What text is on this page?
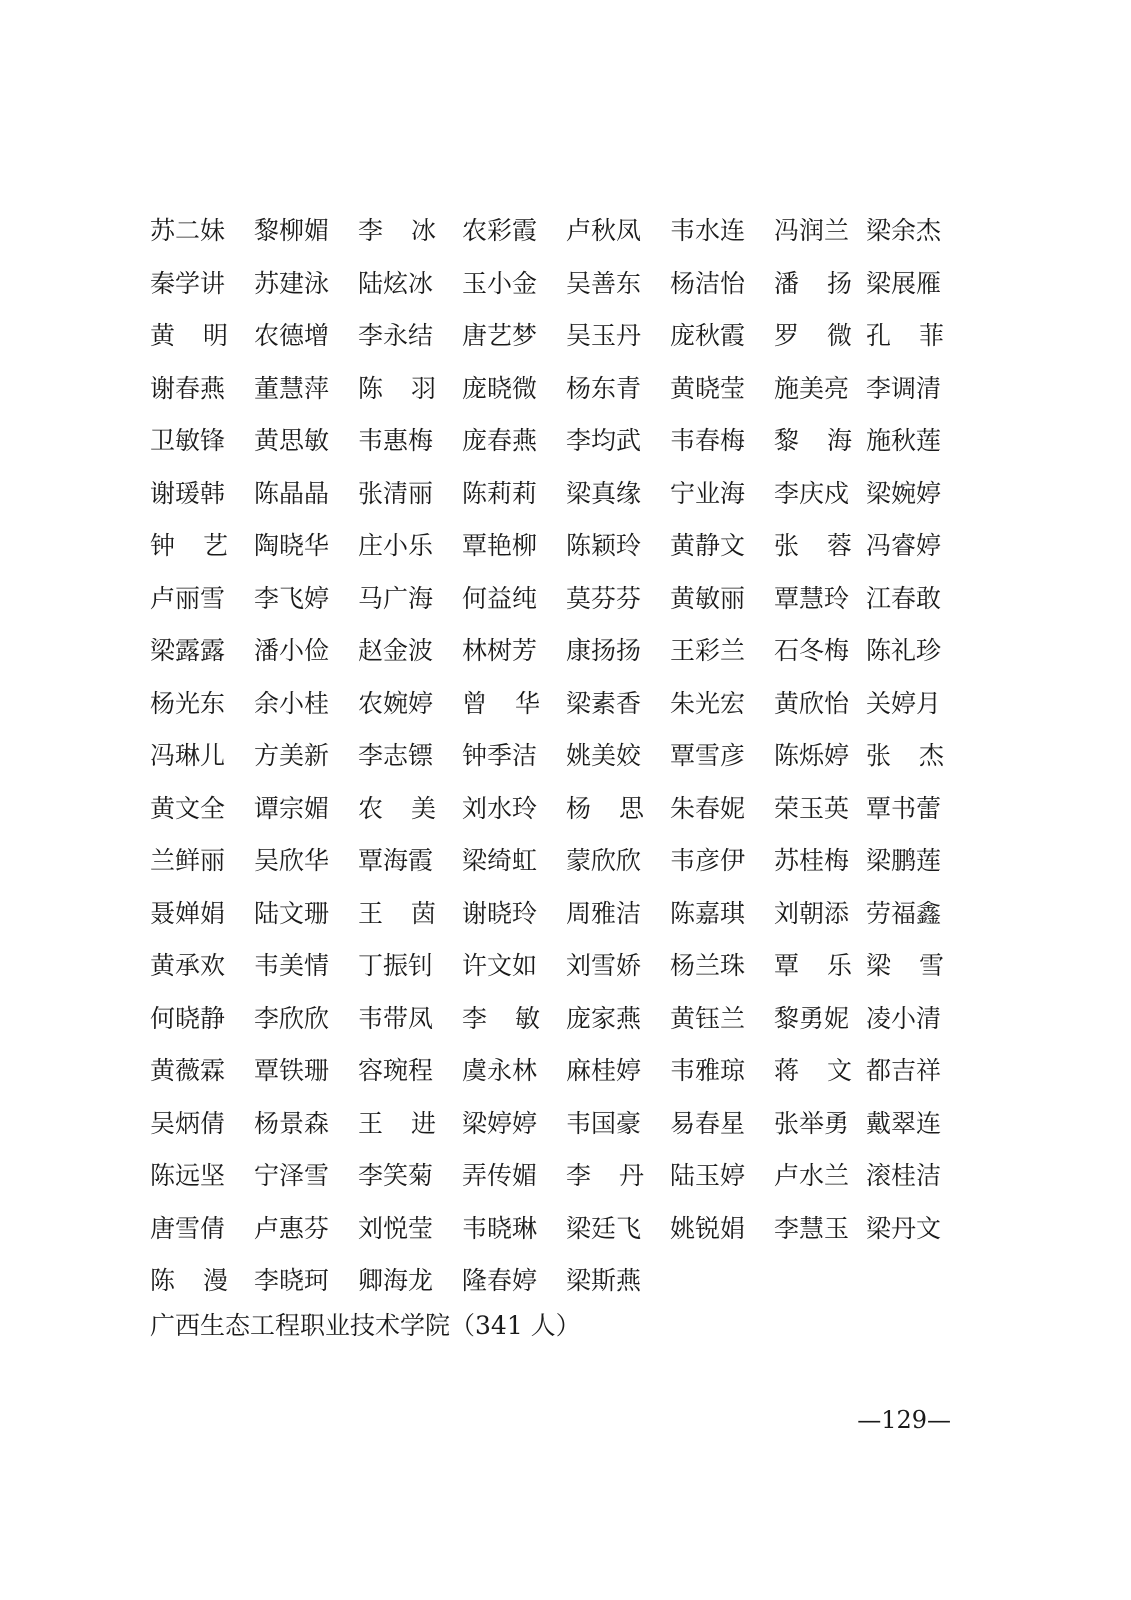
苏二妹 黎柳媚 李 冰 农彩霞 卢秋凤 韦水连 冯润兰 梁余杰
秦学讲 苏建泳 陆炫冰 玉小金 吴善东 杨洁怡 潘 扬 梁展雁
黄 明 农德增 李永结 唐艺梦 吴玉丹 庞秋霞 罗 微 孔 菲
谢春燕 董慧萍 陈 羽 庞晓微 杨东青 黄晓莹 施美亮 李调清
卫敏锋 黄思敏 韦惠梅 庞春燕 李均武 韦春梅 黎 海 施秋莲
谢瑗韩 陈晶晶 张清丽 陈莉莉 梁真缘 宁业海 李庆戍 梁婉婷
钟 艺 陶晓华 庄小乐 覃艳柳 陈颖玲 黄静文 张 蓉 冯睿婷
卢丽雪 李飞婷 马广海 何益纯 莫芬芬 黄敏丽 覃慧玲 江春敢
梁露露 潘小俭 赵金波 林树芳 康扬扬 王彩兰 石冬梅 陈礼珍
杨光东 余小桂 农婉婷 曾 华 梁素香 朱光宏 黄欣怡 关婷月
冯琳儿 方美新 李志镖 钟季洁 姚美姣 覃雪彦 陈烁婷 张 杰
黄文全 谭宗媚 农 美 刘水玲 杨 思 朱春妮 荣玉英 覃书蕾
兰鲜丽 吴欣华 覃海霞 梁绮虹 蒙欣欣 韦彦伊 苏桂梅 梁鹏莲
聂婵娟 陆文珊 王 茵 谢晓玲 周雅洁 陈嘉琪 刘朝添 劳福鑫
黄承欢 韦美情 丁振钊 许文如 刘雪娇 杨兰珠 覃 乐 梁 雪
何晓静 李欣欣 韦带凤 李 敏 庞家燕 黄钰兰 黎勇妮 凌小清
黄薇霖 覃铁珊 容琬程 虞永林 麻桂婷 韦雅琼 蒋 文 都吉祥
吴炳倩 杨景森 王 进 梁婷婷 韦国豪 易春星 张举勇 戴翠连
陈远坚 宁泽雪 李笑菊 弄传媚 李 丹 陆玉婷 卢水兰 滚桂洁
唐雪倩 卢惠芬 刘悦莹 韦晓琳 梁廷飞 姚锐娟 李慧玉 梁丹文
陈 漫 李晓珂 卿海龙 隆春婷 梁斯燕
广西生态工程职业技术学院（341 人）
—129—
